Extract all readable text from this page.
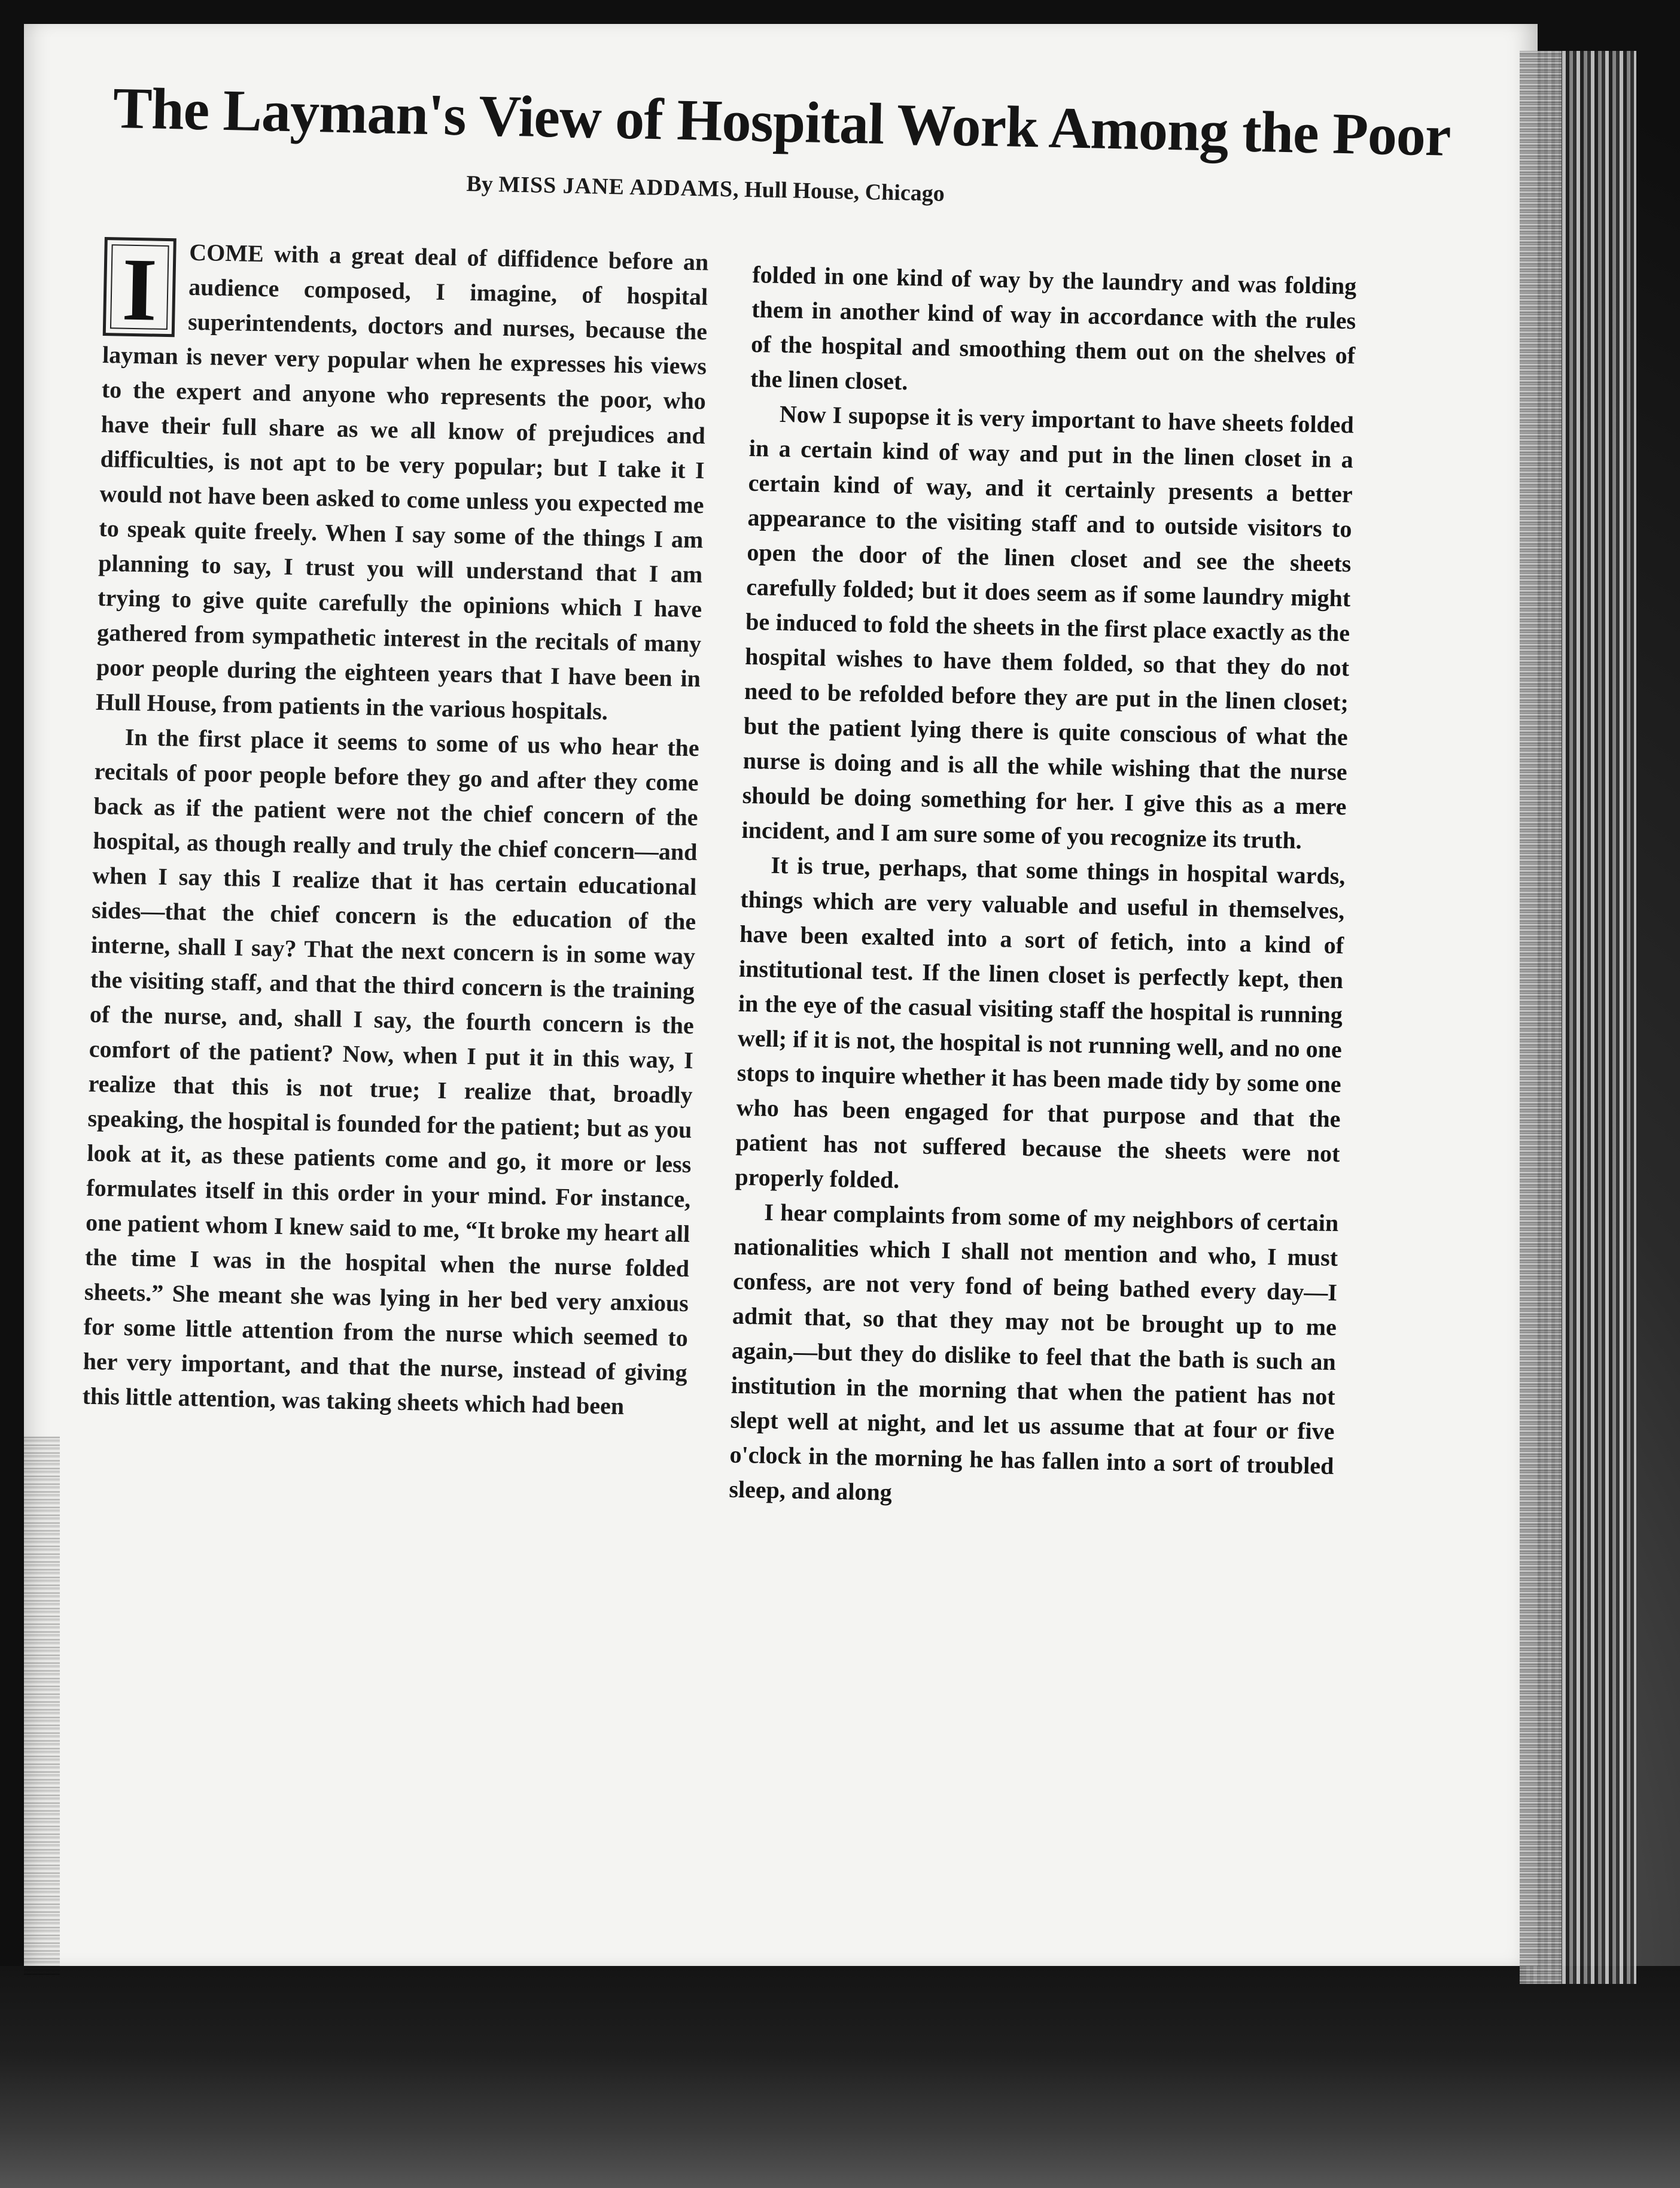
The Layman's View of Hospital Work Among the Poor
By MISS JANE ADDAMS, Hull House, Chicago

I	COME with a great deal of diffidence before an audience composed, I imagine, of hospital superintendents, doctors and nurses, because the layman is never very popular when he expresses his views to the expert and anyone who represents the poor, who have their full share as we all know of prejudices and difficulties, is not apt to be very popular; but I take it I would not have been asked to come unless you expected me to speak quite freely. When I say some of the things I am planning to say, I trust you will understand that I am trying to give quite carefully the opinions which I have gathered from sympathetic interest in the recitals of many poor people during the eighteen years that I have been in Hull House, from patients in the various hospitals.

In the first place it seems to some of us who hear the recitals of poor people before they go and after they come back as if the patient were not the chief concern of the hospital, as though really and truly the chief concern—and when I say this I realize that it has certain educational sides—that the chief concern is the education of the interne, shall I say? That the next concern is in some way the visiting staff, and that the third concern is the training of the nurse, and, shall I say, the fourth concern is the comfort of the patient? Now, when I put it in this way, I realize that this is not true; I realize that, broadly speaking, the hospital is founded for the patient; but as you look at it, as these patients come and go, it more or less formulates itself in this order in your mind. For instance, one patient whom I knew said to me, “It broke my heart all the time I was in the hospital when the nurse folded sheets.” She meant she was lying in her bed very anxious for some little attention from the nurse which seemed to her very important, and that the nurse, instead of giving this little attention, was taking sheets which had been

folded in one kind of way by the laundry and was folding them in another kind of way in accordance with the rules of the hospital and smoothing them out on the shelves of the linen closet.

Now I supopse it is very important to have sheets folded in a certain kind of way and put in the linen closet in a certain kind of way, and it certainly presents a better appearance to the visiting staff and to outside visitors to open the door of the linen closet and see the sheets carefully folded; but it does seem as if some laundry might be induced to fold the sheets in the first place exactly as the hospital wishes to have them folded, so that they do not need to be refolded before they are put in the linen closet; but the patient lying there is quite conscious of what the nurse is doing and is all the while wishing that the nurse should be doing something for her. I give this as a mere incident, and I am sure some of you recognize its truth.

It is true, perhaps, that some things in hospital wards, things which are very valuable and useful in themselves, have been exalted into a sort of fetich, into a kind of institutional test. If the linen closet is perfectly kept, then in the eye of the casual visiting staff the hospital is running well; if it is not, the hospital is not running well, and no one stops to inquire whether it has been made tidy by some one who has been engaged for that purpose and that the patient has not suffered because the sheets were not properly folded.

I hear complaints from some of my neighbors of certain nationalities which I shall not mention and who, I must confess, are not very fond of being bathed every day—I admit that, so that they may not be brought up to me again,—but they do dislike to feel that the bath is such an institution in the morning that when the patient has not slept well at night, and let us assume that at four or five o'clock in the morning he has fallen into a sort of troubled sleep, and along
